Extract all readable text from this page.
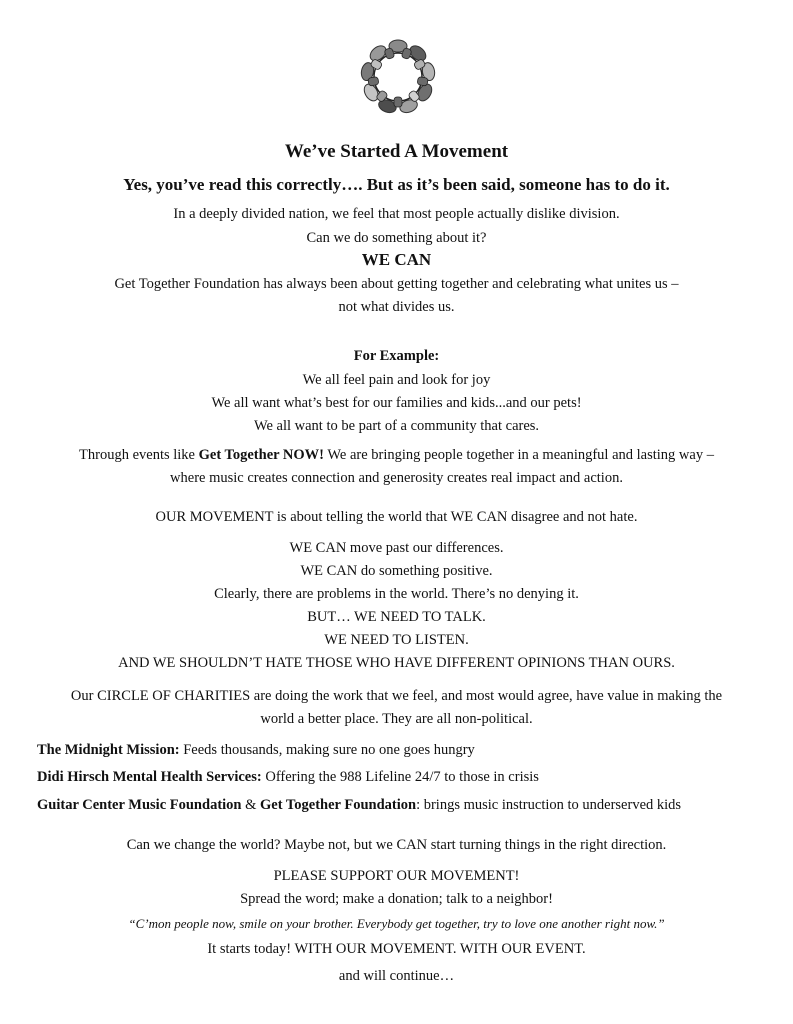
We’ve Started A Movement
Yes, you’ve read this correctly…. But as it’s been said, someone has to do it.
In a deeply divided nation, we feel that most people actually dislike division.
Can we do something about it?
WE CAN
Get Together Foundation has always been about getting together and celebrating what unites us –
not what divides us.
For Example:
We all feel pain and look for joy
We all want what’s best for our families and kids...and our pets!
We all want to be part of a community that cares.
Through events like Get Together NOW! We are bringing people together in a meaningful and lasting way –
where music creates connection and generosity creates real impact and action.
OUR MOVEMENT is about telling the world that WE CAN disagree and not hate.
WE CAN move past our differences.
WE CAN do something positive.
Clearly, there are problems in the world. There’s no denying it.
BUT… WE NEED TO TALK.
WE NEED TO LISTEN.
AND WE SHOULDN’T HATE THOSE WHO HAVE DIFFERENT OPINIONS THAN OURS.
Our CIRCLE OF CHARITIES are doing the work that we feel, and most would agree, have value in making the
world a better place. They are all non-political.
The Midnight Mission: Feeds thousands, making sure no one goes hungry
Didi Hirsch Mental Health Services: Offering the 988 Lifeline 24/7 to those in crisis
Guitar Center Music Foundation & Get Together Foundation: brings music instruction to underserved kids
Can we change the world? Maybe not, but we CAN start turning things in the right direction.
PLEASE SUPPORT OUR MOVEMENT!
Spread the word; make a donation; talk to a neighbor!
“C’mon people now, smile on your brother. Everybody get together, try to love one another right now.”
It starts today! WITH OUR MOVEMENT. WITH OUR EVENT.
and will continue…
